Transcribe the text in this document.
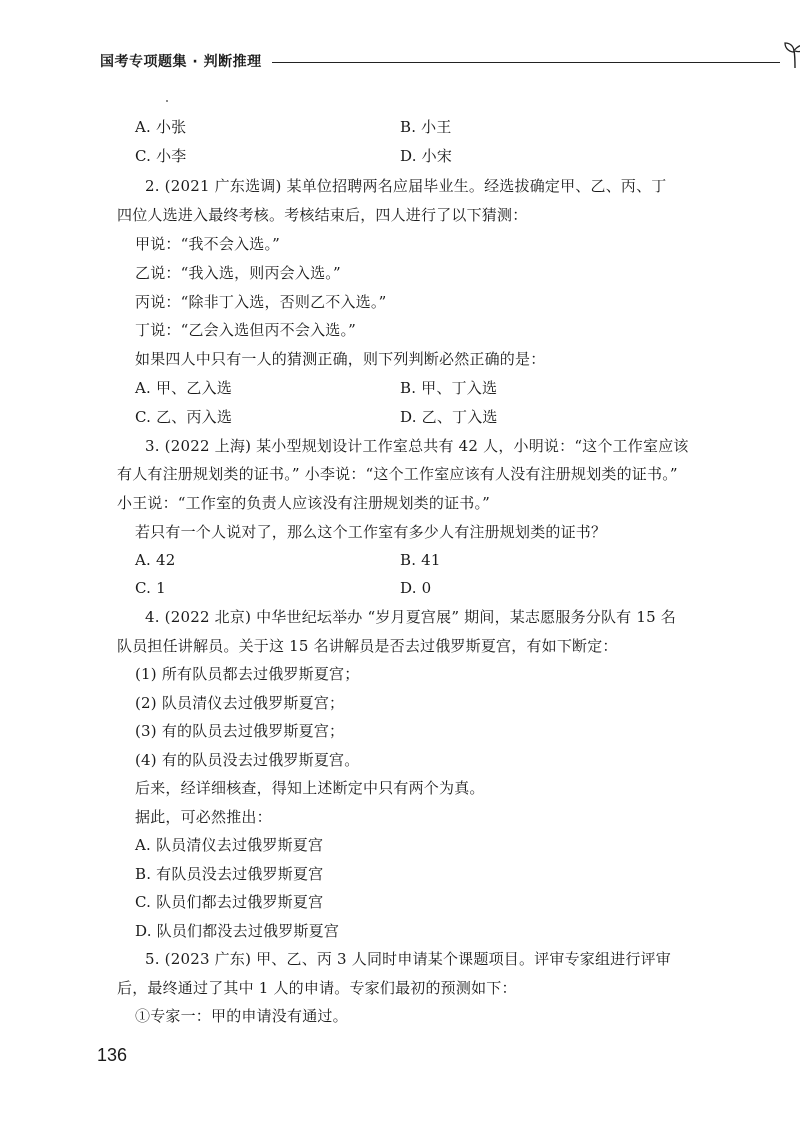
国考专项题集 · 判断推理
A. 小张	B. 小王
C. 小李	D. 小宋
2. (2021 广东选调) 某单位招聘两名应届毕业生。经选拔确定甲、乙、丙、丁
四位人选进入最终考核。考核结束后，四人进行了以下猜测：
甲说：“我不会入选。”
乙说：“我入选，则丙会入选。”
丙说：“除非丁入选，否则乙不入选。”
丁说：“乙会入选但丙不会入选。”
如果四人中只有一人的猜测正确，则下列判断必然正确的是：
A. 甲、乙入选	B. 甲、丁入选
C. 乙、丙入选	D. 乙、丁入选
3. (2022 上海) 某小型规划设计工作室总共有 42 人，小明说：“这个工作室应该
有人有注册规划类的证书。” 小李说：“这个工作室应该有人没有注册规划类的证书。”
小王说：“工作室的负责人应该没有注册规划类的证书。”
若只有一个人说对了，那么这个工作室有多少人有注册规划类的证书？
A. 42	B. 41
C. 1	D. 0
4. (2022 北京) 中华世纪坛举办 “岁月夏宫展” 期间，某志愿服务分队有 15 名
队员担任讲解员。关于这 15 名讲解员是否去过俄罗斯夏宫，有如下断定：
(1) 所有队员都去过俄罗斯夏宫；
(2) 队员清仪去过俄罗斯夏宫；
(3) 有的队员去过俄罗斯夏宫；
(4) 有的队员没去过俄罗斯夏宫。
后来，经详细核查，得知上述断定中只有两个为真。
据此，可必然推出：
A. 队员清仪去过俄罗斯夏宫
B. 有队员没去过俄罗斯夏宫
C. 队员们都去过俄罗斯夏宫
D. 队员们都没去过俄罗斯夏宫
5. (2023 广东) 甲、乙、丙 3 人同时申请某个课题项目。评审专家组进行评审
后，最终通过了其中 1 人的申请。专家们最初的预测如下：
①专家一：甲的申请没有通过。
136
